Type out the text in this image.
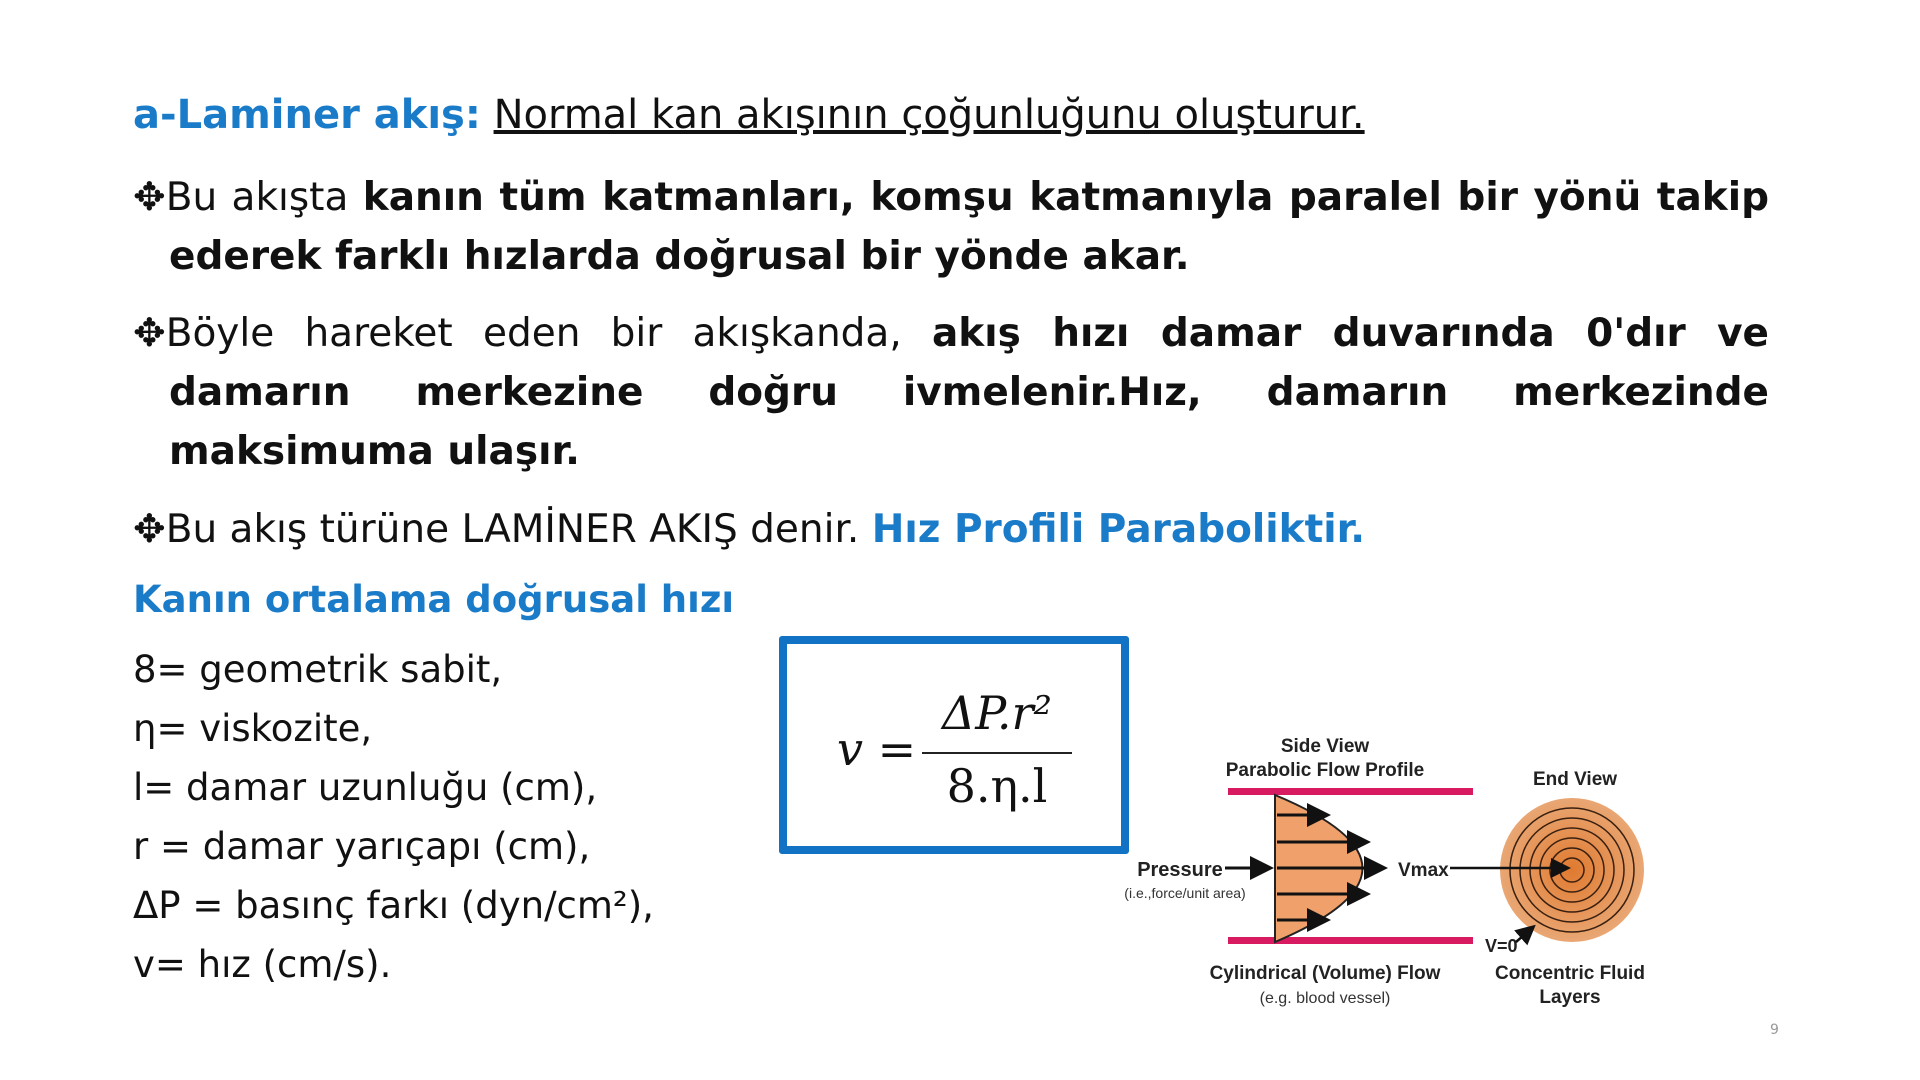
a-Laminer akış: Normal kan akışının çoğunluğunu oluşturur.
✥Bu akışta kanın tüm katmanları, komşu katmanıyla paralel bir yönü takip ederek farklı hızlarda doğrusal bir yönde akar.
✥Böyle hareket eden bir akışkanda, akış hızı damar duvarında 0'dır ve damarın merkezine doğru ivmelenir.Hız, damarın merkezinde maksimuma ulaşır.
✥Bu akış türüne LAMİNER AKIŞ denir. Hız Profili Paraboliktir.
Kanın ortalama doğrusal hızı
8= geometrik sabit,
η= viskozite,
l= damar uzunluğu (cm),
r = damar yarıçapı (cm),
ΔP = basınç farkı (dyn/cm²),
v= hız (cm/s).
v =
ΔP.r²
8.η.l
Side View
Parabolic Flow Profile	End View
Pressure
(i.e.,force/unit area)
Vmax
V=0
Cylindrical (Volume) Flow
(e.g. blood vessel)
Concentric Fluid
Layers
9
